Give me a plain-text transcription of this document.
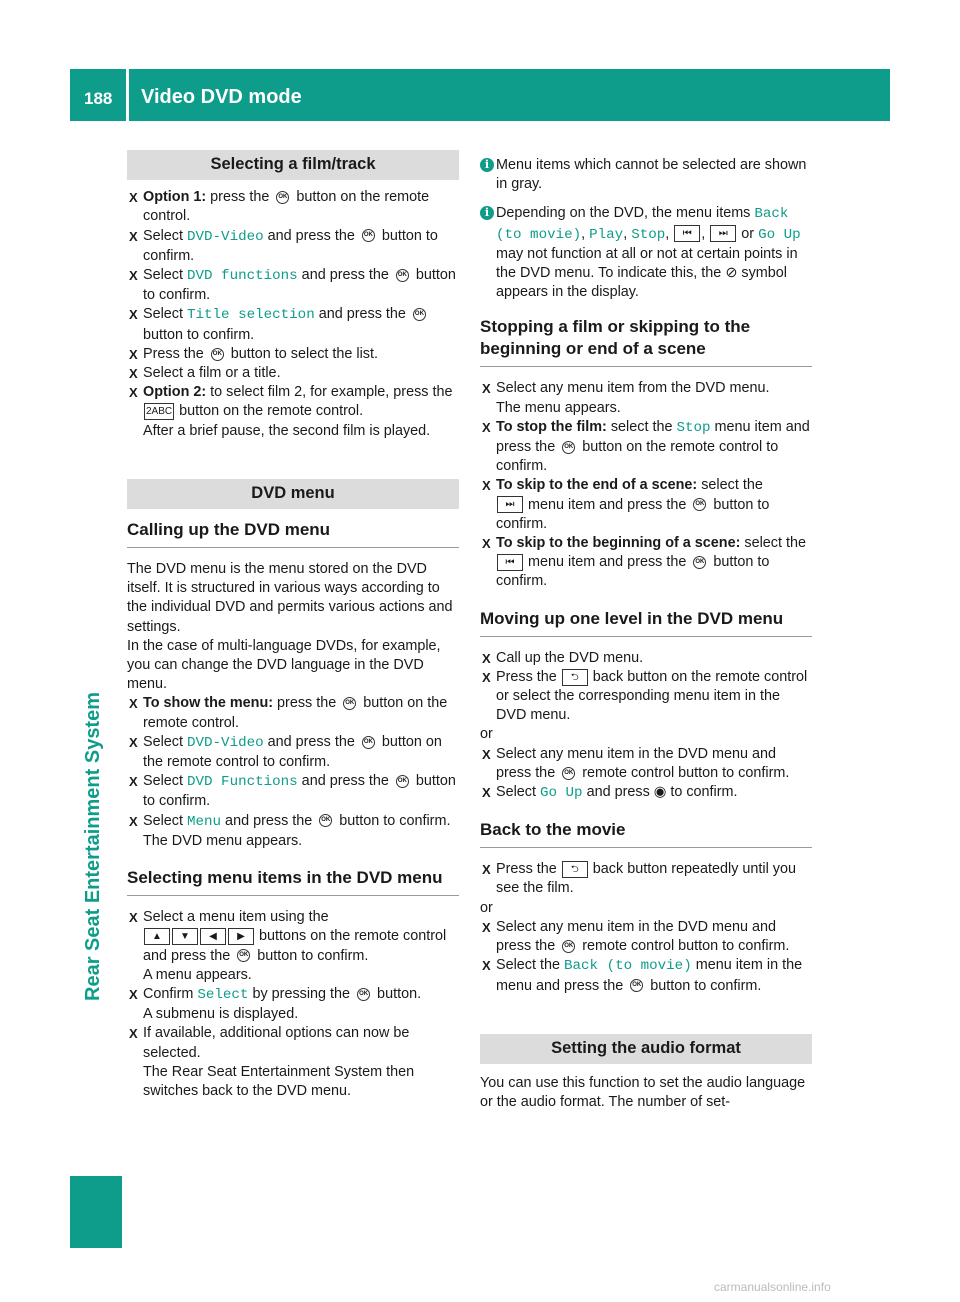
188 Video DVD mode
Rear Seat Entertainment System
Selecting a film/track

X Option 1: press the OK button on the remote control.

X Select DVD-Video and press the OK button to confirm.

X Select DVD functions and press the OK button to confirm.

X Select Title selection and press the OK button to confirm.

X Press the OK button to select the list.

X Select a film or a title.

X Option 2: to select film 2, for example, press the 2ABC button on the remote control.
After a brief pause, the second film is played.

DVD menu
Calling up the DVD menu

The DVD menu is the menu stored on the DVD itself. It is structured in various ways according to the individual DVD and permits various actions and settings.

In the case of multi-language DVDs, for example, you can change the DVD language in the DVD menu.

X To show the menu: press the OK button on the remote control.

X Select DVD-Video and press the OK button on the remote control to confirm.

X Select DVD Functions and press the OK button to confirm.

X Select Menu and press the OK button to confirm.
The DVD menu appears.

Selecting menu items in the DVD menu

X Select a menu item using the
▲ ▼ ◀ ▶ buttons on the remote control and press the OK button to confirm.
A menu appears.

X Confirm Select by pressing the OK button.
A submenu is displayed.

X If available, additional options can now be selected.
The Rear Seat Entertainment System then switches back to the DVD menu.

i Menu items which cannot be selected are shown in gray.

i Depending on the DVD, the menu items Back (to movie), Play, Stop, ⏮ , ⏭ or Go Up may not function at all or not at certain points in the DVD menu. To indicate this, the ⊘ symbol appears in the display.

Stopping a film or skipping to the beginning or end of a scene

X Select any menu item from the DVD menu.
The menu appears.

X To stop the film: select the Stop menu item and press the OK button on the remote control to confirm.

X To skip to the end of a scene: select the
⏭ menu item and press the OK button to confirm.

X To skip to the beginning of a scene: select the ⏮ menu item and press the OK button to confirm.

Moving up one level in the DVD menu

X Call up the DVD menu.

X Press the ⮌ back button on the remote control or select the corresponding menu item in the DVD menu.

or

X Select any menu item in the DVD menu and press the OK remote control button to confirm.

X Select Go Up and press ◉ to confirm.

Back to the movie

X Press the ⮌ back button repeatedly until you see the film.

or

X Select any menu item in the DVD menu and press the OK remote control button to confirm.

X Select the Back (to movie) menu item in the menu and press the OK button to confirm.

Setting the audio format

You can use this function to set the audio language or the audio format. The number of set-

carmanualsonline.info
